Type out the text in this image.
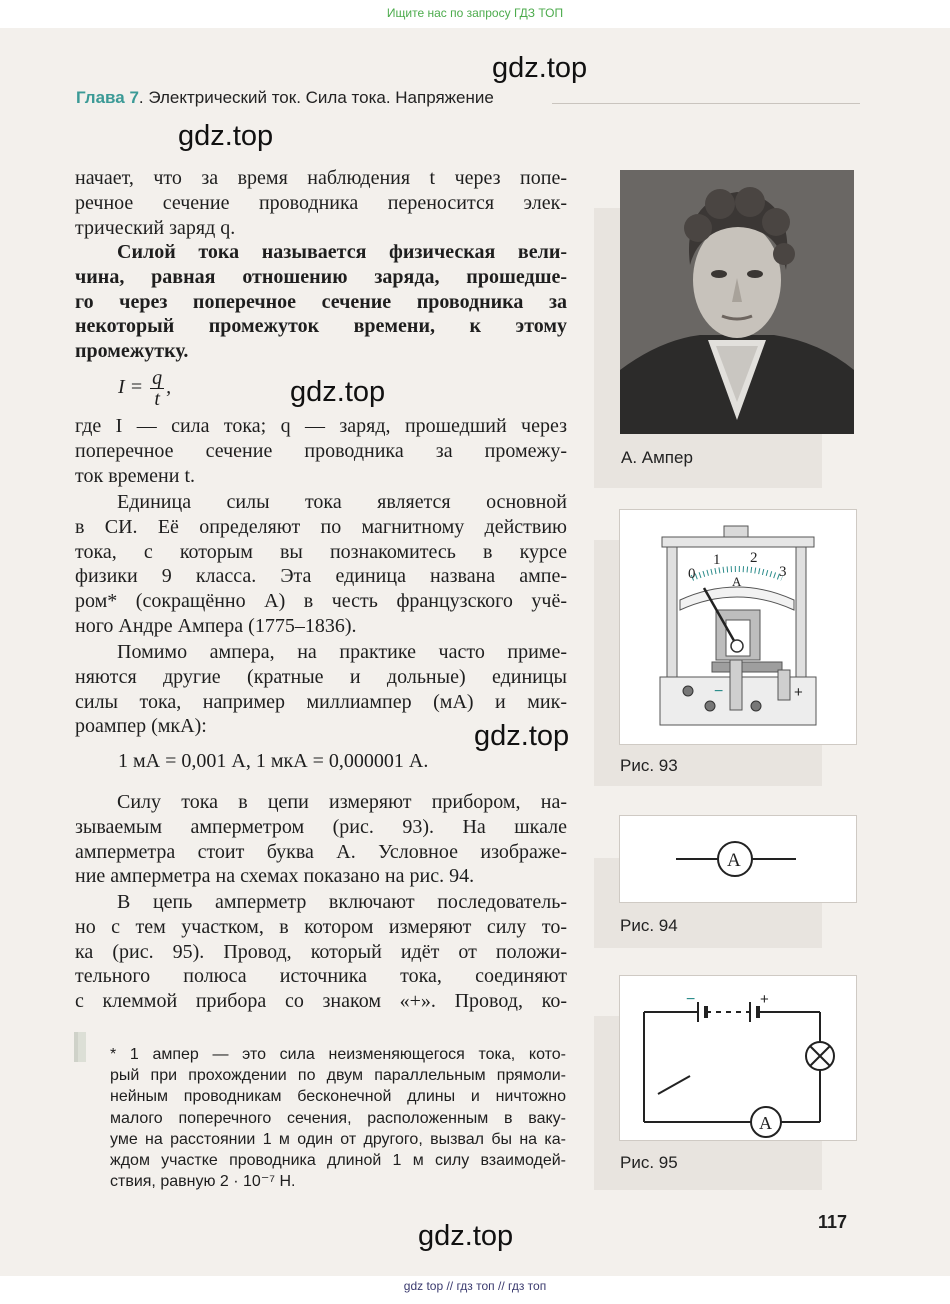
Ищите нас по запросу ГДЗ ТОП
Глава 7. Электрический ток. Сила тока. Напряжение
gdz.top
gdz.top
gdz.top
gdz.top
gdz.top
начает, что за время наблюдения t через попе-
речное сечение проводника переносится элек-
трический заряд q.
Силой тока называется физическая вели-
чина, равная отношению заряда, прошедше-
го через поперечное сечение проводника за
некоторый промежуток времени, к этому
промежутку.
$I = \frac{q}{t}$ ,
где I — сила тока; q — заряд, прошедший через
поперечное сечение проводника за промежу-
ток времени t.
Единица силы тока является основной
в СИ. Её определяют по магнитному действию
тока, с которым вы познакомитесь в курсе
физики 9 класса. Эта единица названа ампе-
ром* (сокращённо А) в честь французского учё-
ного Андре Ампера (1775–1836).
Помимо ампера, на практике часто приме-
няются другие (кратные и дольные) единицы
силы тока, например миллиампер (мА) и мик-
роампер (мкА):
1 мА = 0,001 А, 1 мкА = 0,000001 А.
Силу тока в цепи измеряют прибором, на-
зываемым амперметром (рис. 93). На шкале
амперметра стоит буква А. Условное изображе-
ние амперметра на схемах показано на рис. 94.
В цепь амперметр включают последователь-
но с тем участком, в котором измеряют силу то-
ка (рис. 95). Провод, который идёт от положи-
тельного полюса источника тока, соединяют
с клеммой прибора со знаком «+». Провод, ко-
* 1 ампер — это сила неизменяющегося тока, кото-
рый при прохождении по двум параллельным прямоли-
нейным проводникам бесконечной длины и ничтожно
малого поперечного сечения, расположенным в ваку-
уме на расстоянии 1 м один от другого, вызвал бы на ка-
ждом участке проводника длиной 1 м силу взаимодей-
ствия, равную 2 · 10⁻⁷ Н.
А. Ампер
0
1 2
3
A
−	+
Рис. 93
A
Рис. 94
−	+
A
Рис. 95
117
gdz top // гдз топ // гдз топ
